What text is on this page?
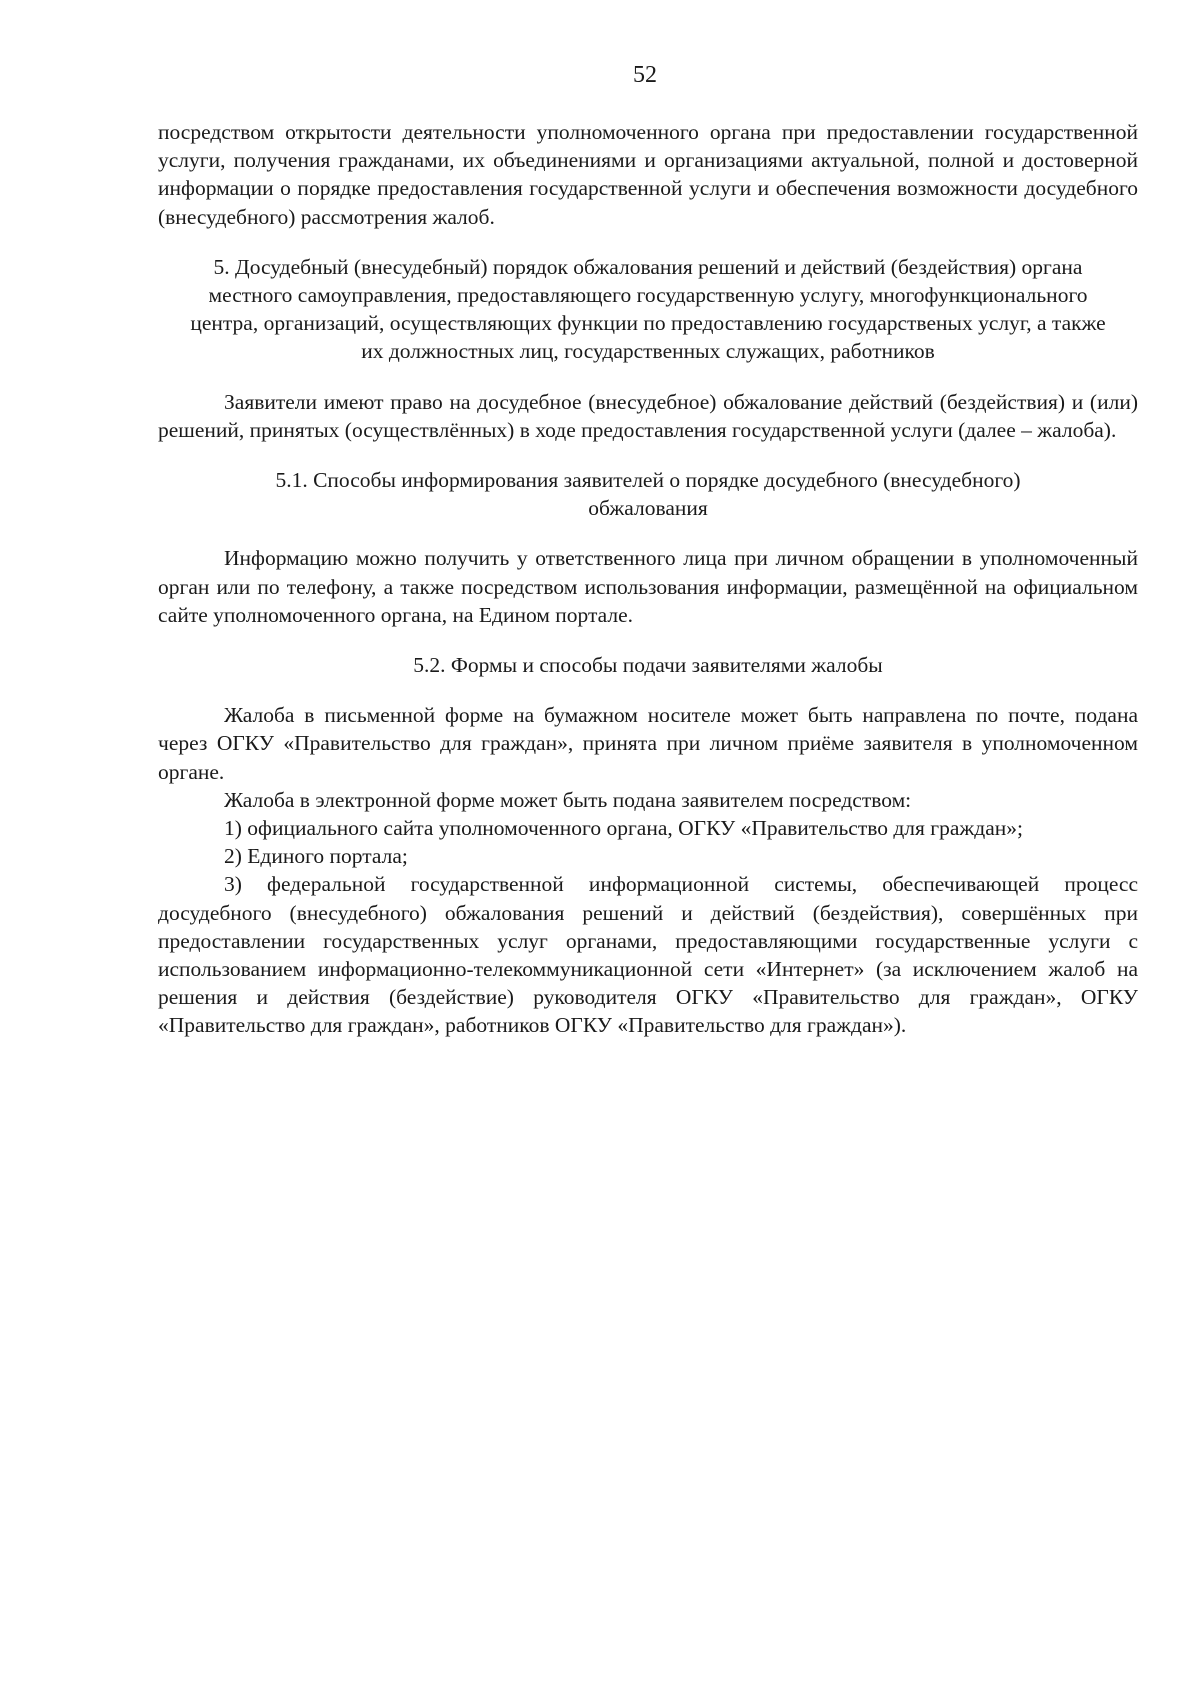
52

посредством открытости деятельности уполномоченного органа при предоставлении государственной услуги, получения гражданами, их объединениями и организациями актуальной, полной и достоверной информации о порядке предоставления государственной услуги и обеспечения возможности досудебного (внесудебного) рассмотрения жалоб.

5. Досудебный (внесудебный) порядок обжалования решений и действий (бездействия) органа местного самоуправления, предоставляющего государственную услугу, многофункционального центра, организаций, осуществляющих функции по предоставлению государственых услуг, а также их должностных лиц, государственных служащих, работников

Заявители имеют право на досудебное (внесудебное) обжалование действий (бездействия) и (или) решений, принятых (осуществлённых) в ходе предоставления государственной услуги (далее – жалоба).

5.1. Способы информирования заявителей о порядке досудебного (внесудебного) обжалования

Информацию можно получить у ответственного лица при личном обращении в уполномоченный орган или по телефону, а также посредством использования информации, размещённой на официальном сайте уполномоченного органа, на Едином портале.

5.2. Формы и способы подачи заявителями жалобы

Жалоба в письменной форме на бумажном носителе может быть направлена по почте, подана через ОГКУ «Правительство для граждан», принята при личном приёме заявителя в уполномоченном органе.

Жалоба в электронной форме может быть подана заявителем посредством:

1) официального сайта уполномоченного органа, ОГКУ «Правительство для граждан»;

2) Единого портала;

3) федеральной государственной информационной системы, обеспечивающей процесс досудебного (внесудебного) обжалования решений и действий (бездействия), совершённых при предоставлении государственных услуг органами, предоставляющими государственные услуги с использованием информационно-телекоммуникационной сети «Интернет» (за исключением жалоб на решения и действия (бездействие) руководителя ОГКУ «Правительство для граждан», ОГКУ «Правительство для граждан», работников ОГКУ «Правительство для граждан»).
